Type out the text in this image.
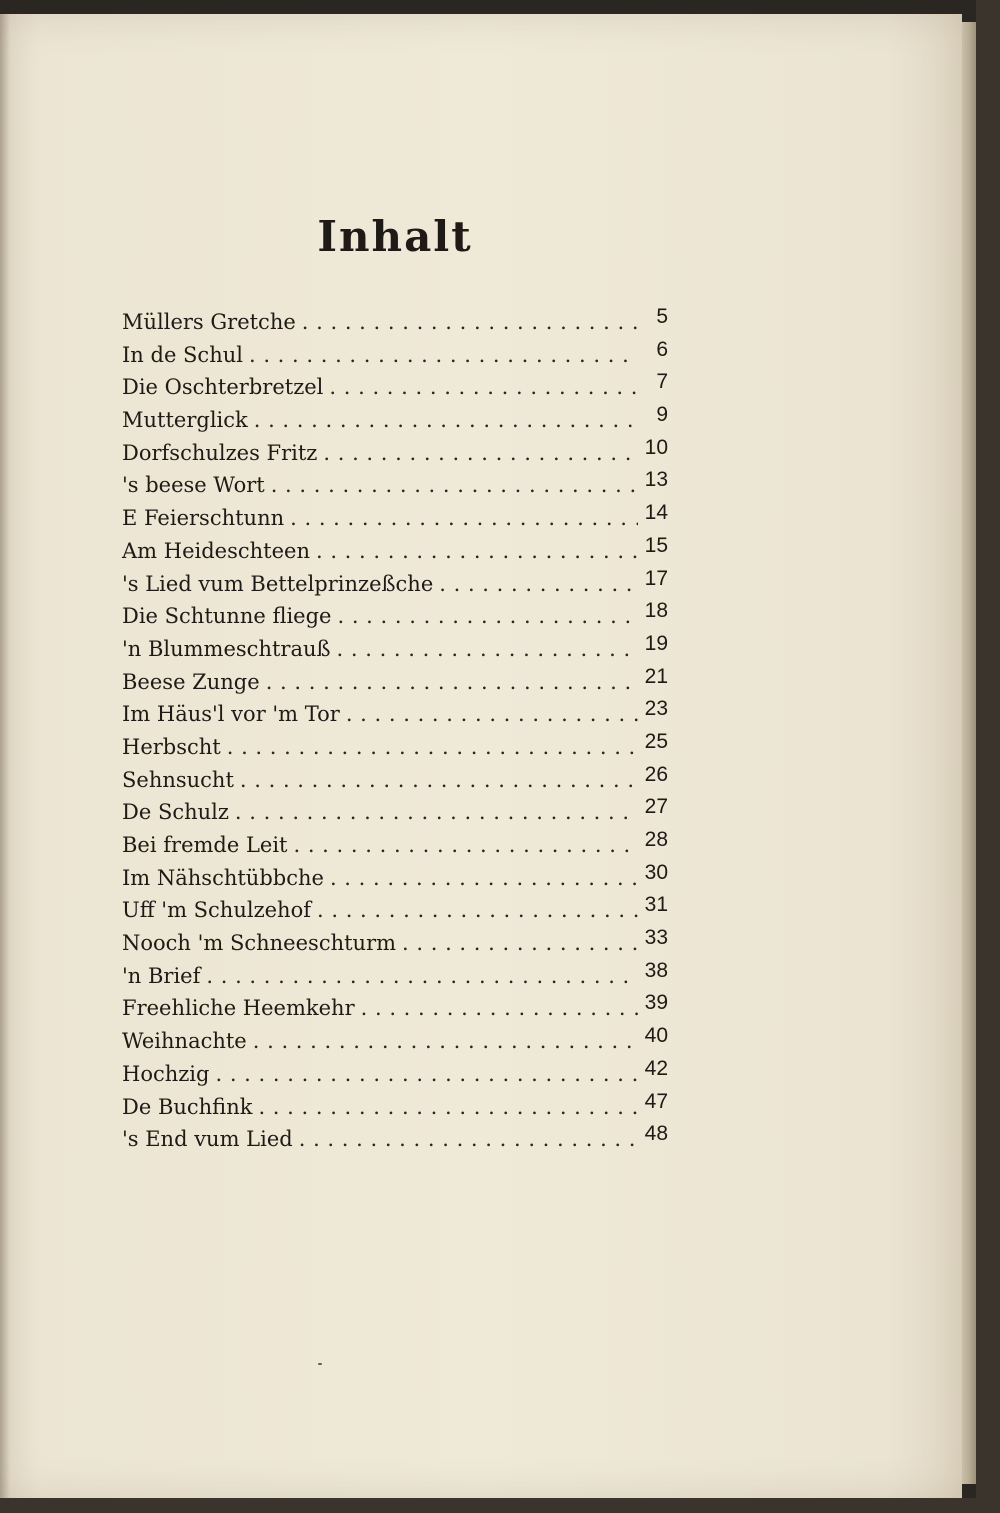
Inhalt
Müllers Gretche . . .	5
In de Schul . . .	6
Die Oschterbretzel . . .	7
Mutterglick . . .	9
Dorfschulzes Fritz . . .	10
's beese Wort . . .	13
E Feierschtunn . . .	14
Am Heideschteen . . .	15
's Lied vum Bettelprinzeßche . . .	17
Die Schtunne fliege . . .	18
'n Blummeschtrauß . . .	19
Beese Zunge . . .	21
Im Häus'l vor 'm Tor . . .	23
Herbscht . . .	25
Sehnsucht . . .	26
De Schulz . . .	27
Bei fremde Leit . . .	28
Im Nähschtübbche . . .	30
Uff 'm Schulzehof . . .	31
Nooch 'm Schneeschturm . . .	33
'n Brief . . .	38
Freehliche Heemkehr . . .	39
Weihnachte . . .	40
Hochzig . . .	42
De Buchfink . . .	47
's End vum Lied . . .	48
